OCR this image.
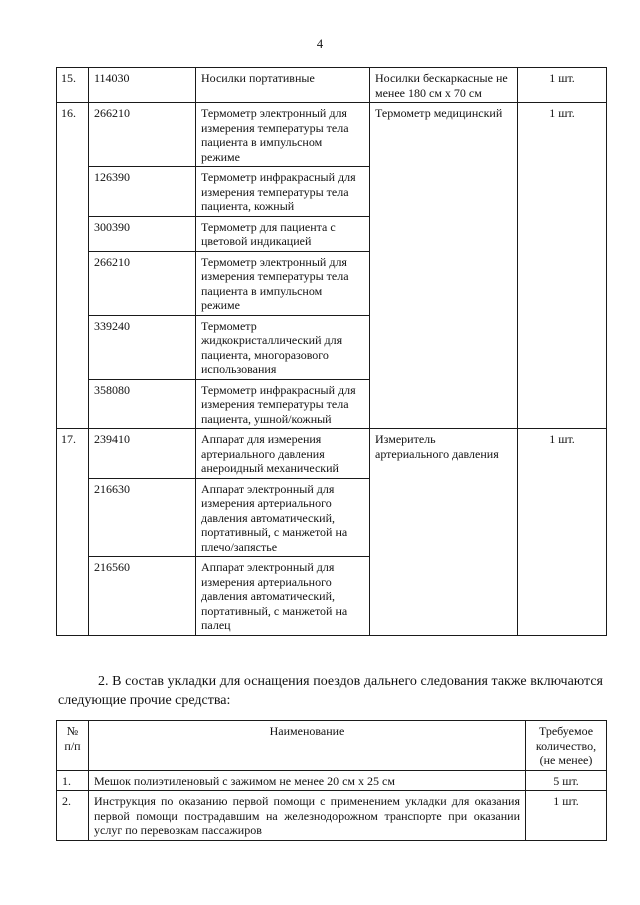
4
15.	114030	Носилки портативные	Носилки бескаркасные не менее 180 см х 70 см	1 шт.
16.	266210	Термометр электронный для измерения температуры тела пациента в импульсном режиме	Термометр медицинский	1 шт.
	126390	Термометр инфракрасный для измерения температуры тела пациента, кожный		
	300390	Термометр для пациента с цветовой индикацией		
	266210	Термометр электронный для измерения температуры тела пациента в импульсном режиме		
	339240	Термометр жидкокристаллический для пациента, многоразового использования		
	358080	Термометр инфракрасный для измерения температуры тела пациента, ушной/кожный		
17.	239410	Аппарат для измерения артериального давления анероидный механический	Измеритель артериального давления	1 шт.
	216630	Аппарат электронный для измерения артериального давления автоматический, портативный, с манжетой на плечо/запястье		
	216560	Аппарат электронный для измерения артериального давления автоматический, портативный, с манжетой на палец		

2. В состав укладки для оснащения поездов дальнего следования также включаются следующие прочие средства:

№ п/п	Наименование	Требуемое количество, (не менее)
1.	Мешок полиэтиленовый с зажимом не менее 20 см х 25 см	5 шт.
2.	Инструкция по оказанию первой помощи с применением укладки для оказания первой помощи пострадавшим на железнодорожном транспорте при оказании услуг по перевозкам пассажиров	1 шт.
